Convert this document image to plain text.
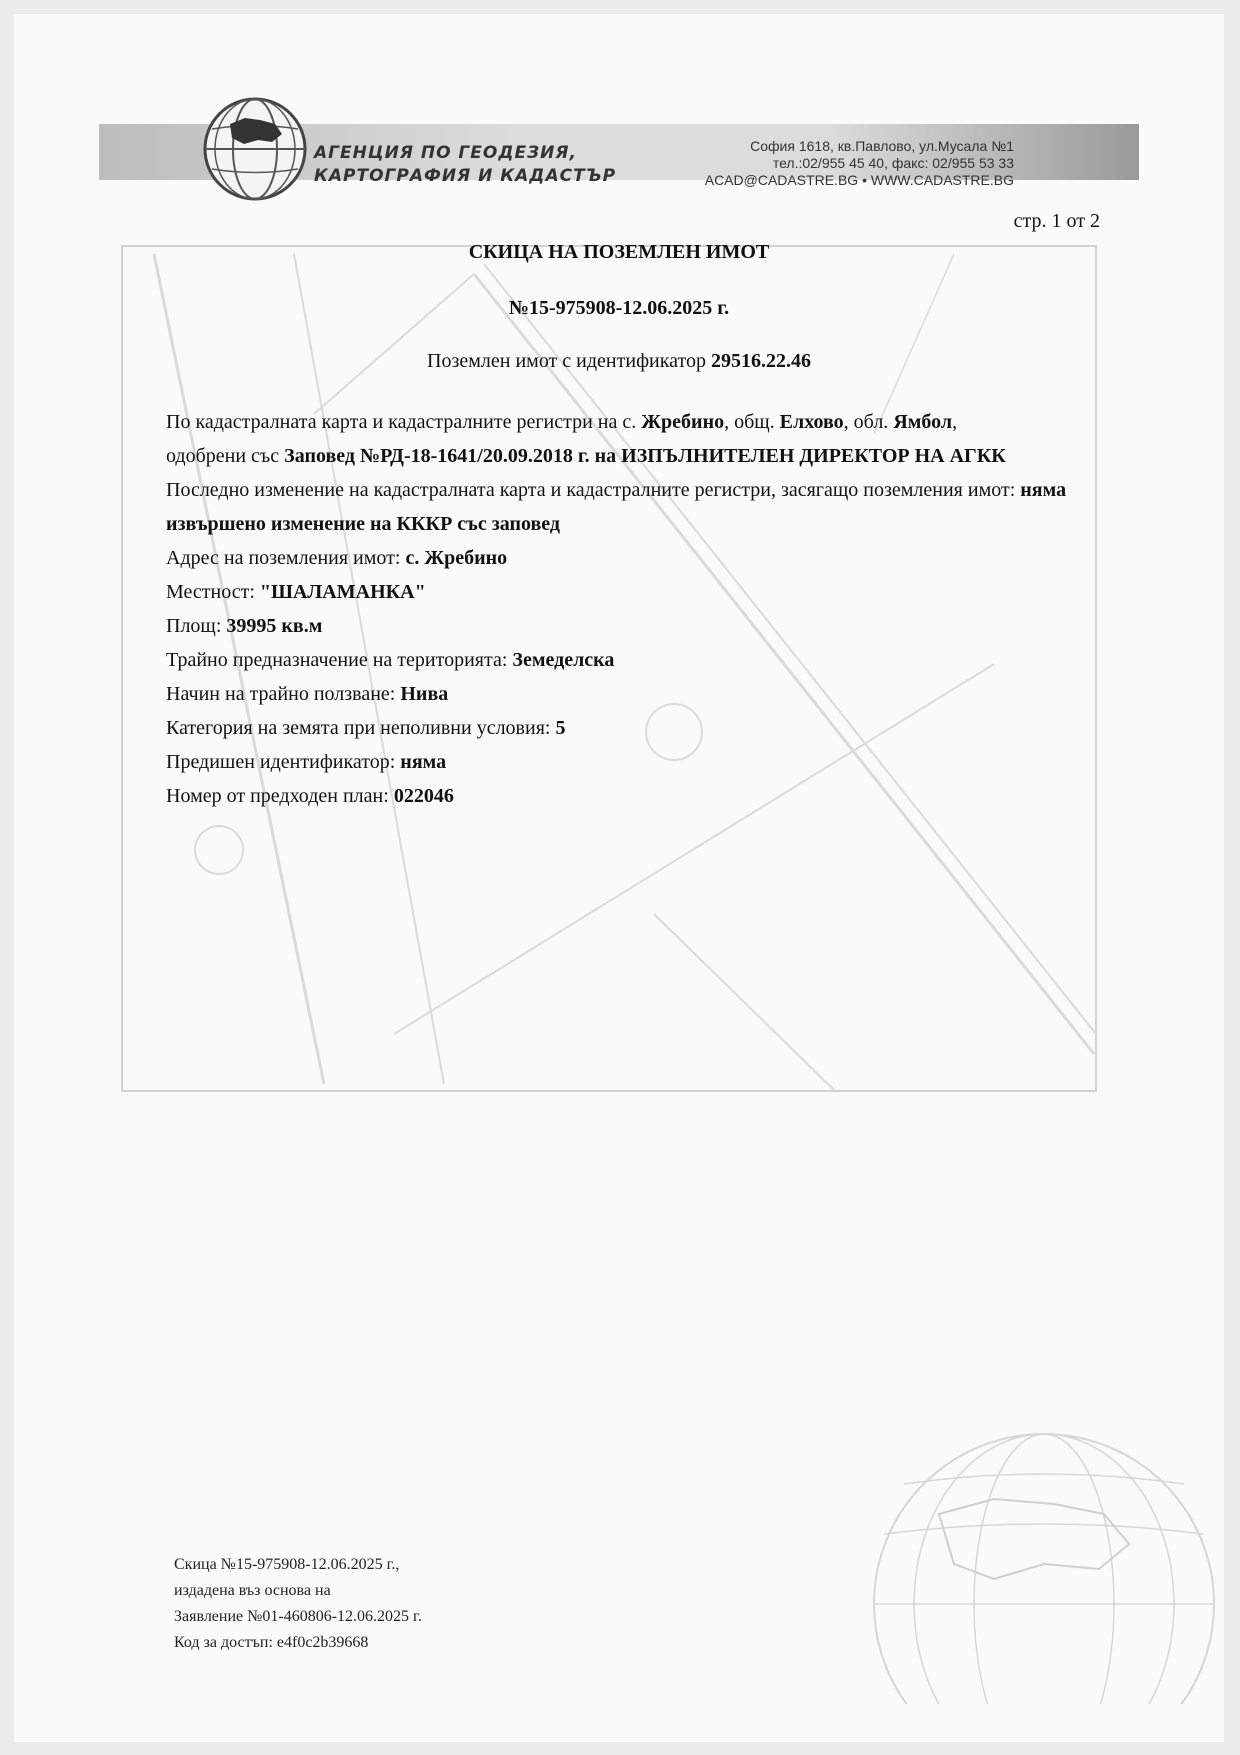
АГЕНЦИЯ ПО ГЕОДЕЗИЯ,
КАРТОГРАФИЯ И КАДАСТЪР
София 1618, кв.Павлово, ул.Мусала №1
тел.:02/955 45 40, факс: 02/955 53 33
ACAD@CADASTRE.BG • WWW.CADASTRE.BG
стр. 1 от 2
СКИЦА НА ПОЗЕМЛЕН ИМОТ
№15-975908-12.06.2025 г.
Поземлен имот с идентификатор 29516.22.46

По кадастралната карта и кадастралните регистри на с. Жребино, общ. Елхово, обл. Ямбол,
одобрени със Заповед №РД-18-1641/20.09.2018 г. на ИЗПЪЛНИТЕЛЕН ДИРЕКТОР НА АГКК

Последно изменение на кадастралната карта и кадастралните регистри, засягащо поземления имот: няма извършено изменение на КККР със заповед

Адрес на поземления имот: с. Жребино

Местност: "ШАЛАМАНКА"

Площ: 39995 кв.м

Трайно предназначение на територията: Земеделска

Начин на трайно ползване: Нива

Категория на земята при неполивни условия: 5

Предишен идентификатор: няма

Номер от предходен план: 022046

Скица №15-975908-12.06.2025 г.,
издадена въз основа на
Заявление №01-460806-12.06.2025 г.
Код за достъп: e4f0c2b39668
